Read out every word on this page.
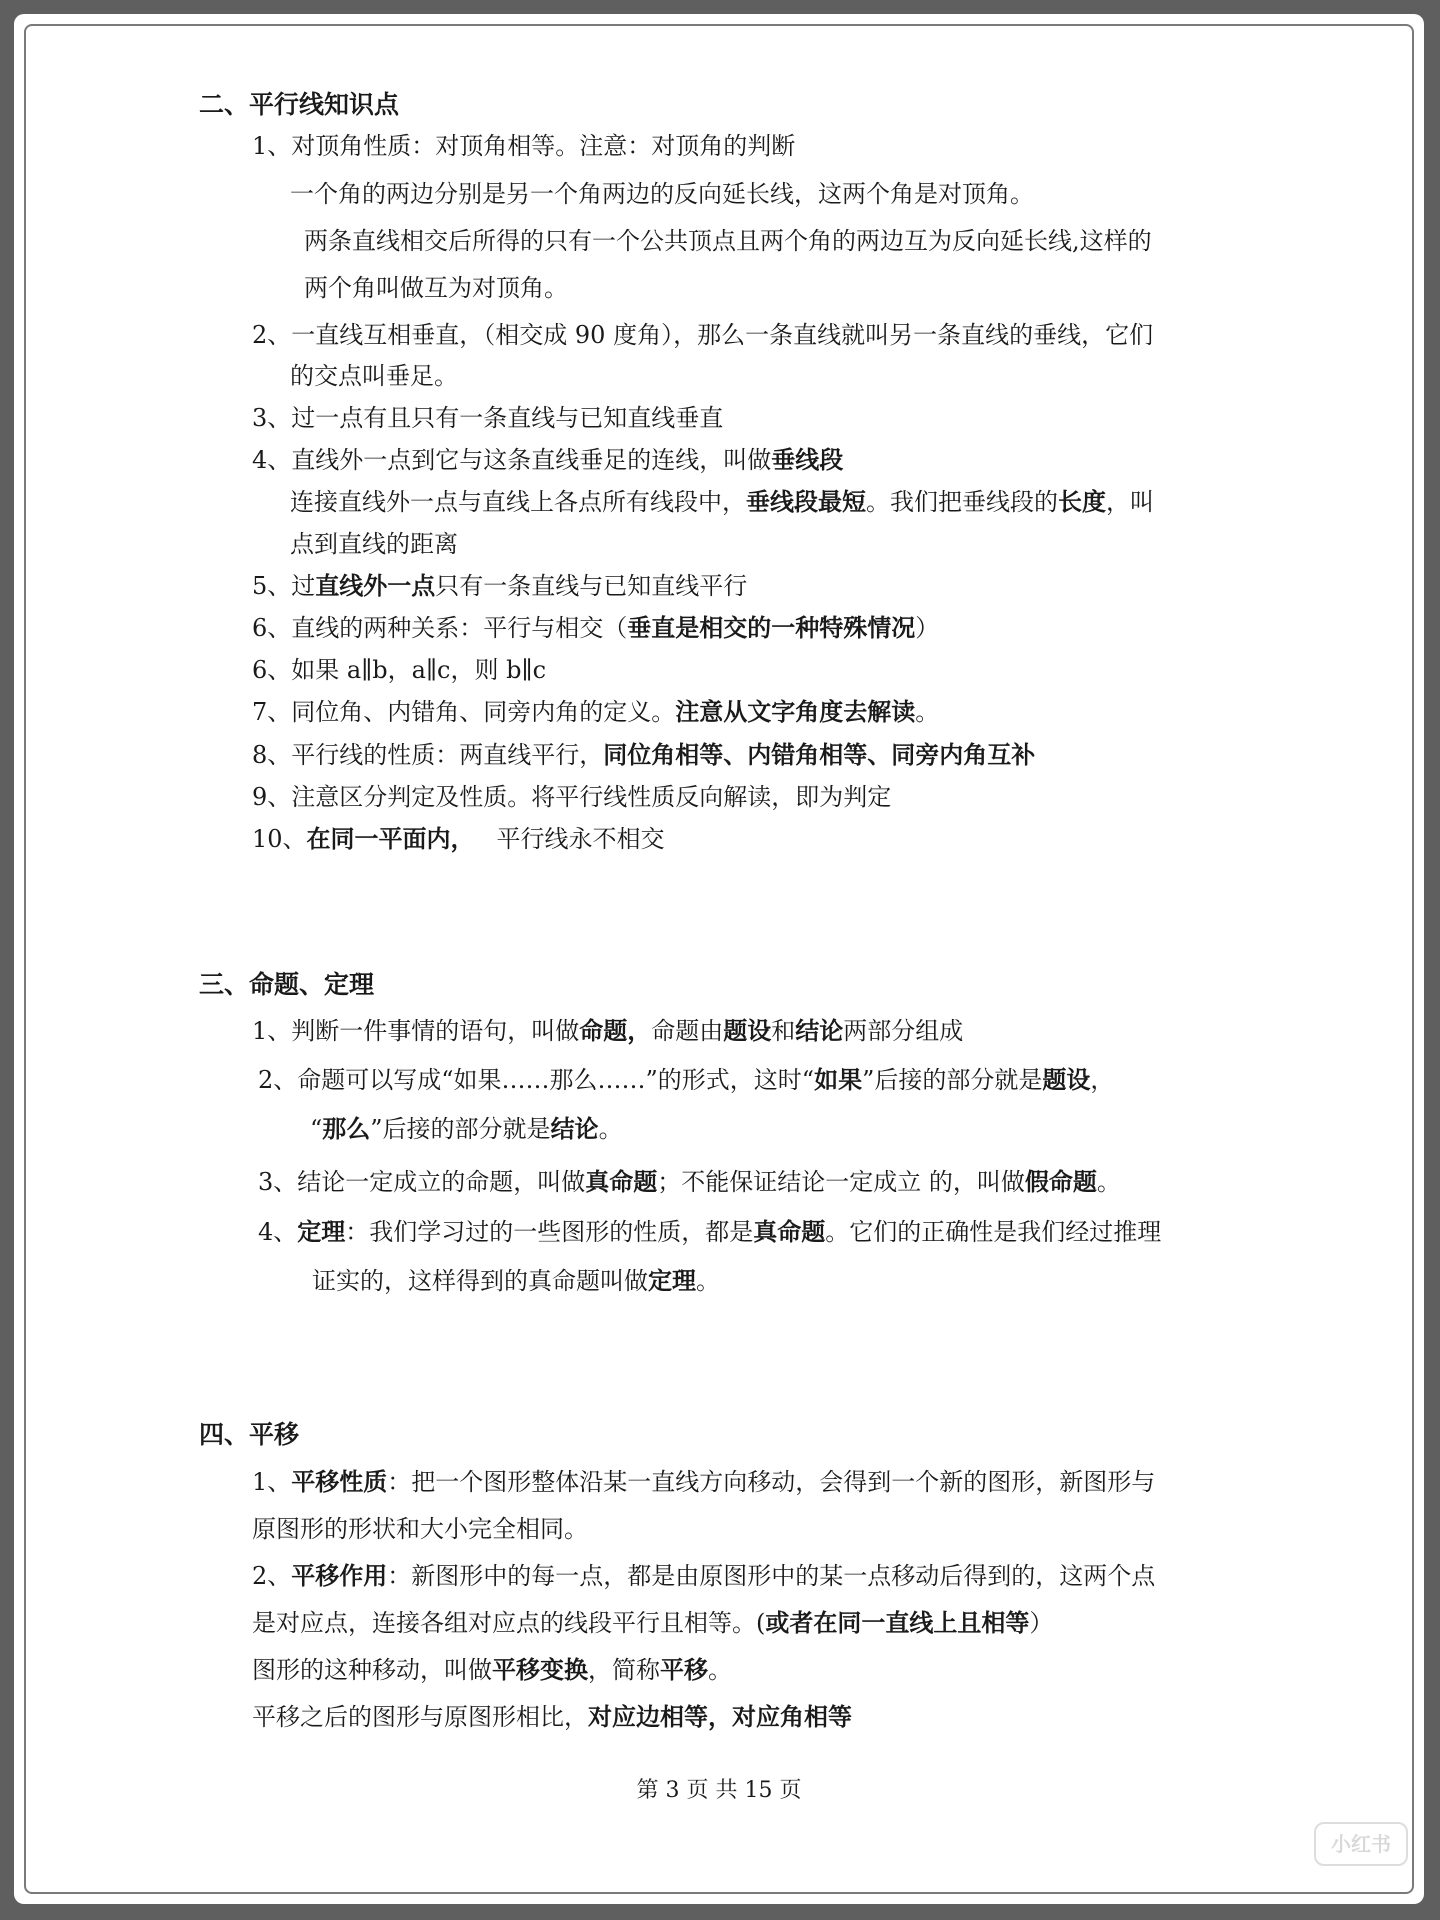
二、平行线知识点
1、对顶角性质：对顶角相等。注意：对顶角的判断
一个角的两边分别是另一个角两边的反向延长线，这两个角是对顶角。
两条直线相交后所得的只有一个公共顶点且两个角的两边互为反向延长线,这样的
两个角叫做互为对顶角。
2、一直线互相垂直，（相交成 90 度角），那么一条直线就叫另一条直线的垂线，它们
的交点叫垂足。
3、过一点有且只有一条直线与已知直线垂直
4、直线外一点到它与这条直线垂足的连线，叫做垂线段
连接直线外一点与直线上各点所有线段中，垂线段最短。我们把垂线段的长度，叫
点到直线的距离
5、过直线外一点只有一条直线与已知直线平行
6、直线的两种关系：平行与相交（垂直是相交的一种特殊情况）
6、如果 a∥b，a∥c，则 b∥c
7、同位角、内错角、同旁内角的定义。注意从文字角度去解读。
8、平行线的性质：两直线平行，同位角相等、内错角相等、同旁内角互补
9、注意区分判定及性质。将平行线性质反向解读，即为判定
10、在同一平面内， 平行线永不相交
三、命题、定理
1、判断一件事情的语句，叫做命题，命题由题设和结论两部分组成
2、命题可以写成“如果……那么……”的形式，这时“如果”后接的部分就是题设，
“那么”后接的部分就是结论。
3、结论一定成立的命题，叫做真命题；不能保证结论一定成立 的，叫做假命题。
4、定理：我们学习过的一些图形的性质，都是真命题。它们的正确性是我们经过推理
证实的，这样得到的真命题叫做定理。
四、平移
1、平移性质：把一个图形整体沿某一直线方向移动，会得到一个新的图形，新图形与
原图形的形状和大小完全相同。
2、平移作用：新图形中的每一点，都是由原图形中的某一点移动后得到的，这两个点
是对应点，连接各组对应点的线段平行且相等。(或者在同一直线上且相等）
图形的这种移动，叫做平移变换，简称平移。
平移之后的图形与原图形相比，对应边相等，对应角相等
第 3 页 共 15 页
小红书
